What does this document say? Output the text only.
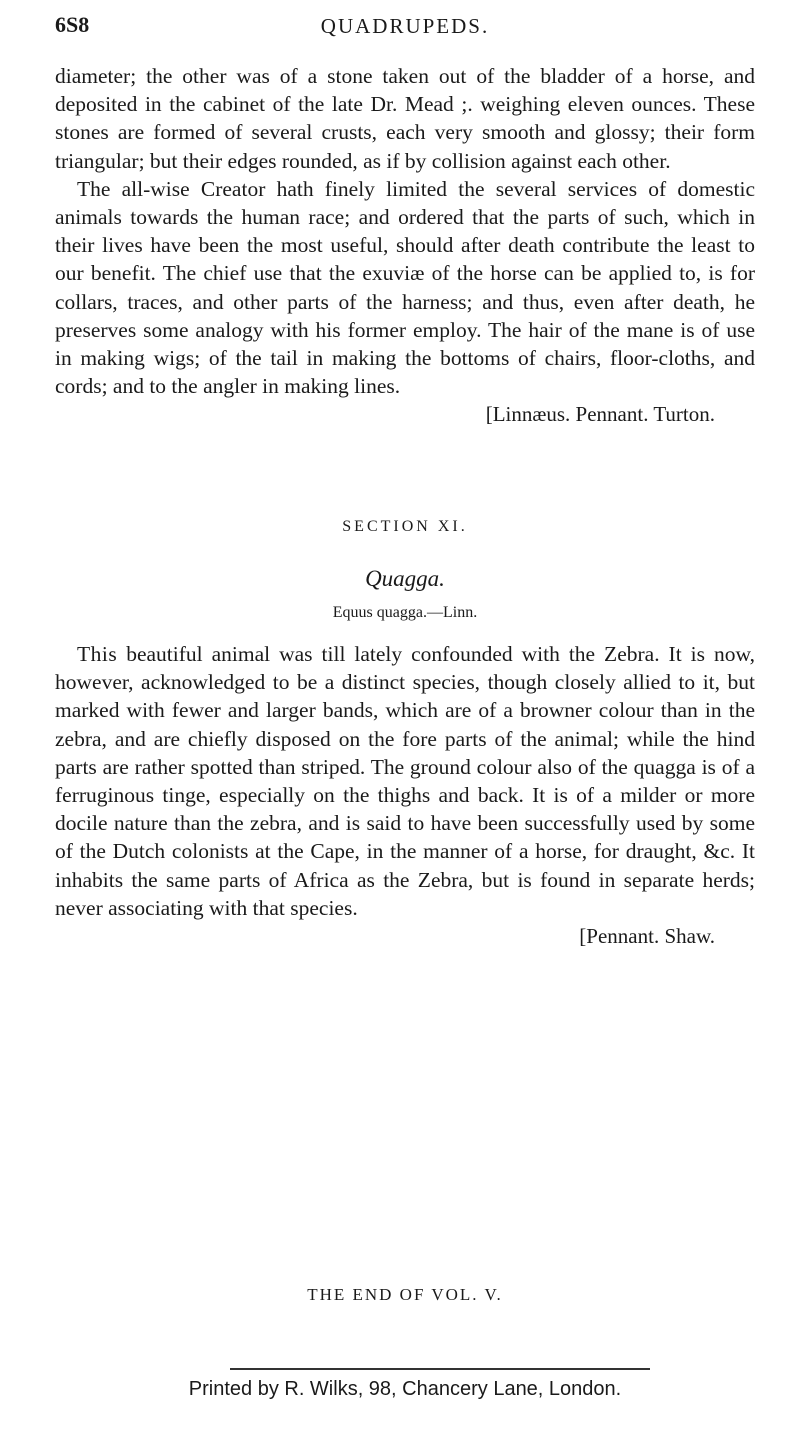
6S8	QUADRUPEDS.

diameter; the other was of a stone taken out of the bladder of a horse, and deposited in the cabinet of the late Dr. Mead ;. weighing eleven ounces. These stones are formed of several crusts, each very smooth and glossy; their form triangular; but their edges rounded, as if by collision against each other.

The all-wise Creator hath finely limited the several services of domestic animals towards the human race; and ordered that the parts of such, which in their lives have been the most useful, should after death contribute the least to our benefit. The chief use that the exuviæ of the horse can be applied to, is for collars, traces, and other parts of the harness; and thus, even after death, he preserves some analogy with his former employ. The hair of the mane is of use in making wigs; of the tail in making the bottoms of chairs, floor-cloths, and cords; and to the angler in making lines.

[Linnæus. Pennant. Turton.
SECTION XI.
Quagga.
Equus quagga.—Linn.

This beautiful animal was till lately confounded with the Zebra. It is now, however, acknowledged to be a distinct species, though closely allied to it, but marked with fewer and larger bands, which are of a browner colour than in the zebra, and are chiefly disposed on the fore parts of the animal; while the hind parts are rather spotted than striped. The ground colour also of the quagga is of a ferruginous tinge, especially on the thighs and back. It is of a milder or more docile nature than the zebra, and is said to have been successfully used by some of the Dutch colonists at the Cape, in the manner of a horse, for draught, &c. It inhabits the same parts of Africa as the Zebra, but is found in separate herds; never associating with that species.

[Pennant. Shaw.
THE END OF VOL. V.
Printed by R. Wilks, 98, Chancery Lane, London.
